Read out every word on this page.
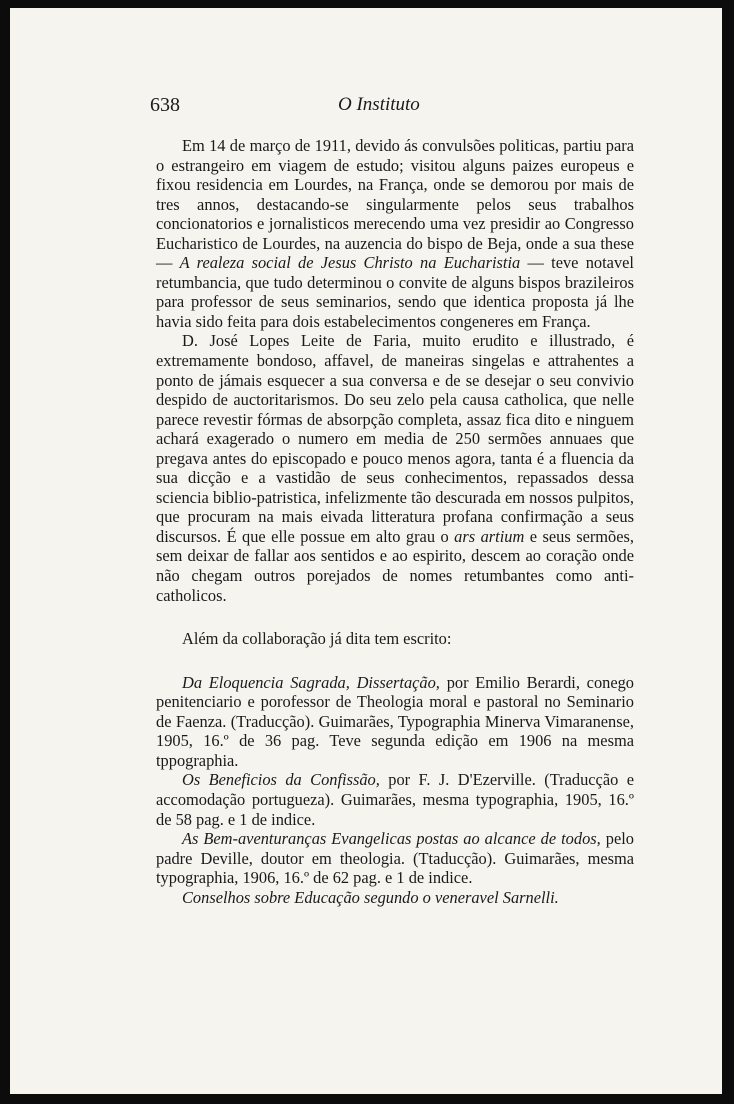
638	O Instituto

Em 14 de março de 1911, devido ás convulsões politicas, partiu para o estrangeiro em viagem de estudo; visitou alguns paizes europeus e fixou residencia em Lourdes, na França, onde se demorou por mais de tres annos, destacando-se singularmente pelos seus trabalhos concionatorios e jornalisticos merecendo uma vez presidir ao Congresso Eucharistico de Lourdes, na auzencia do bispo de Beja, onde a sua these — A realeza social de Jesus Christo na Eucharistia — teve notavel retumbancia, que tudo determinou o convite de alguns bispos brazileiros para professor de seus seminarios, sendo que identica proposta já lhe havia sido feita para dois estabelecimentos congeneres em França.

D. José Lopes Leite de Faria, muito erudito e illustrado, é extremamente bondoso, affavel, de maneiras singelas e attrahentes a ponto de jámais esquecer a sua conversa e de se desejar o seu convivio despido de auctoritarismos. Do seu zelo pela causa catholica, que nelle parece revestir fórmas de absorpção completa, assaz fica dito e ninguem achará exagerado o numero em media de 250 sermões annuaes que pregava antes do episcopado e pouco menos agora, tanta é a fluencia da sua dicção e a vastidão de seus conhecimentos, repassados dessa sciencia biblio-patristica, infelizmente tão descurada em nossos pulpitos, que procuram na mais eivada litteratura profana confirmação a seus discursos. É que elle possue em alto grau o ars artium e seus sermões, sem deixar de fallar aos sentidos e ao espirito, descem ao coração onde não chegam outros porejados de nomes retumbantes como anti-catholicos.

Além da collaboração já dita tem escrito:

Da Eloquencia Sagrada, Dissertação, por Emilio Berardi, conego penitenciario e porofessor de Theologia moral e pastoral no Seminario de Faenza. (Traducção). Guimarães, Typographia Minerva Vimaranense, 1905, 16.º de 36 pag. Teve segunda edição em 1906 na mesma tppographia.

Os Beneficios da Confissão, por F. J. D'Ezerville. (Traducção e accomodação portugueza). Guimarães, mesma typographia, 1905, 16.º de 58 pag. e 1 de indice.

As Bem-aventuranças Evangelicas postas ao alcance de todos, pelo padre Deville, doutor em theologia. (Ttaducção). Guimarães, mesma typographia, 1906, 16.º de 62 pag. e 1 de indice.

Conselhos sobre Educação segundo o veneravel Sarnelli.
